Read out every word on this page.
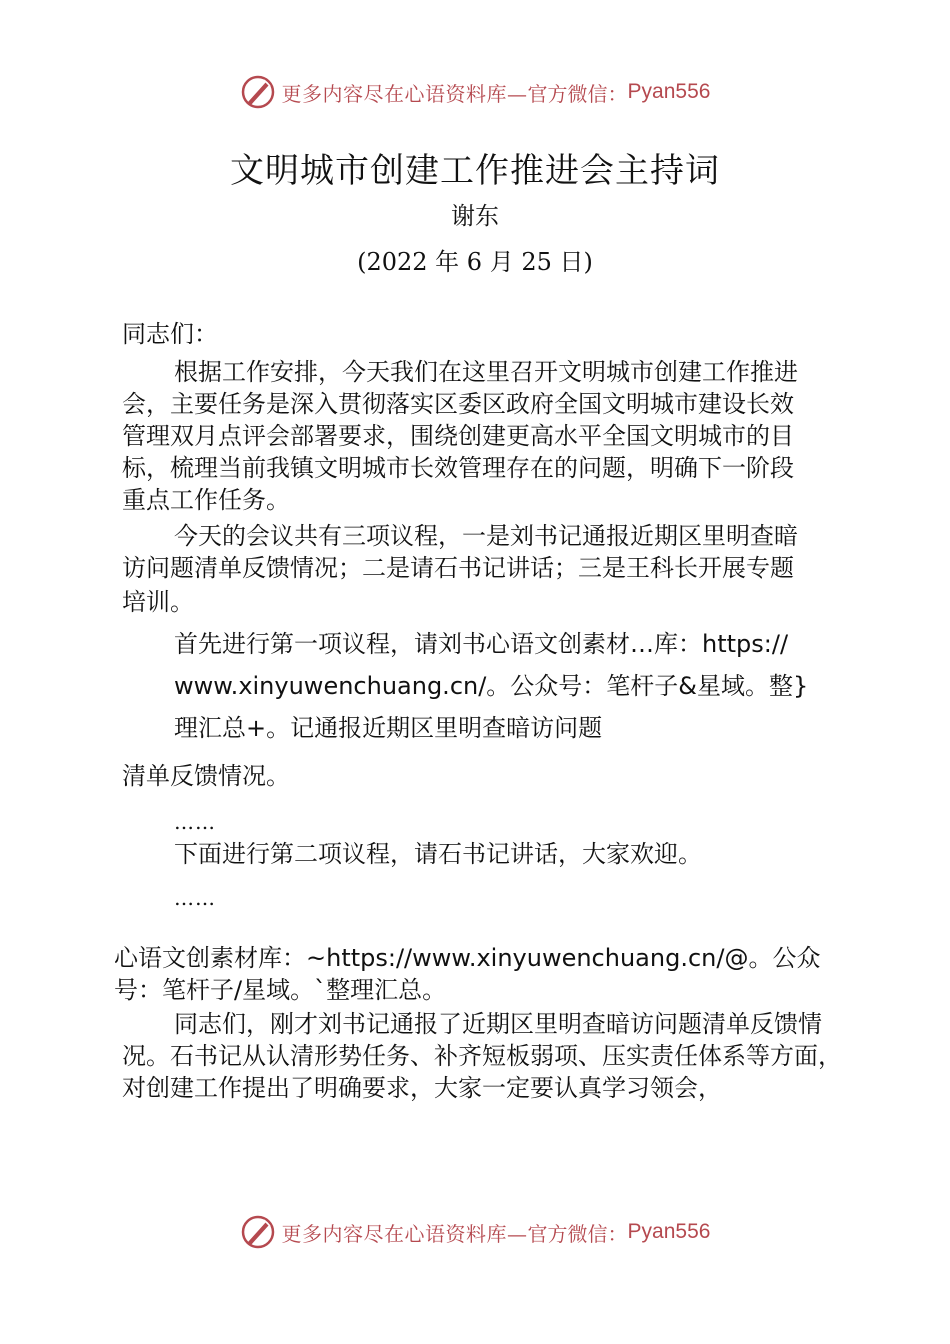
更多内容尽在心语资料库— 官方微信： Pyan556
文明城市创建工作推进会主持词
谢东
(2022 年 6 月 25 日)
同志们：
根据工作安排，今天我们在这里召开文明城市创建工作推进
会，主要任务是深入贯彻落实区委区政府全国文明城市建设长效
管理双月点评会部署要求，围绕创建更高水平全国文明城市的目
标，梳理当前我镇文明城市长效管理存在的问题，明确下一阶段
重点工作任务。
今天的会议共有三项议程，一是刘书记通报近期区里明查暗
访问题清单反馈情况；二是请石书记讲话；三是王科长开展专题
培训。
首先进行第一项议程，请刘书心语文创素材…库：https://
www.xinyuwenchuang.cn/。公众号：笔杆子&星域。整}
理汇总+。记通报近期区里明查暗访问题
清单反馈情况。
……
下面进行第二项议程，请石书记讲话，大家欢迎。
……
心语文创素材库：~https://www.xinyuwenchuang.cn/@。公众
号：笔杆子/星域。`整理汇总。
同志们，刚才刘书记通报了近期区里明查暗访问题清单反馈情
况。石书记从认清形势任务、补齐短板弱项、压实责任体系等方面，
对创建工作提出了明确要求，大家一定要认真学习领会，
更多内容尽在心语资料库— 官方微信： Pyan556
